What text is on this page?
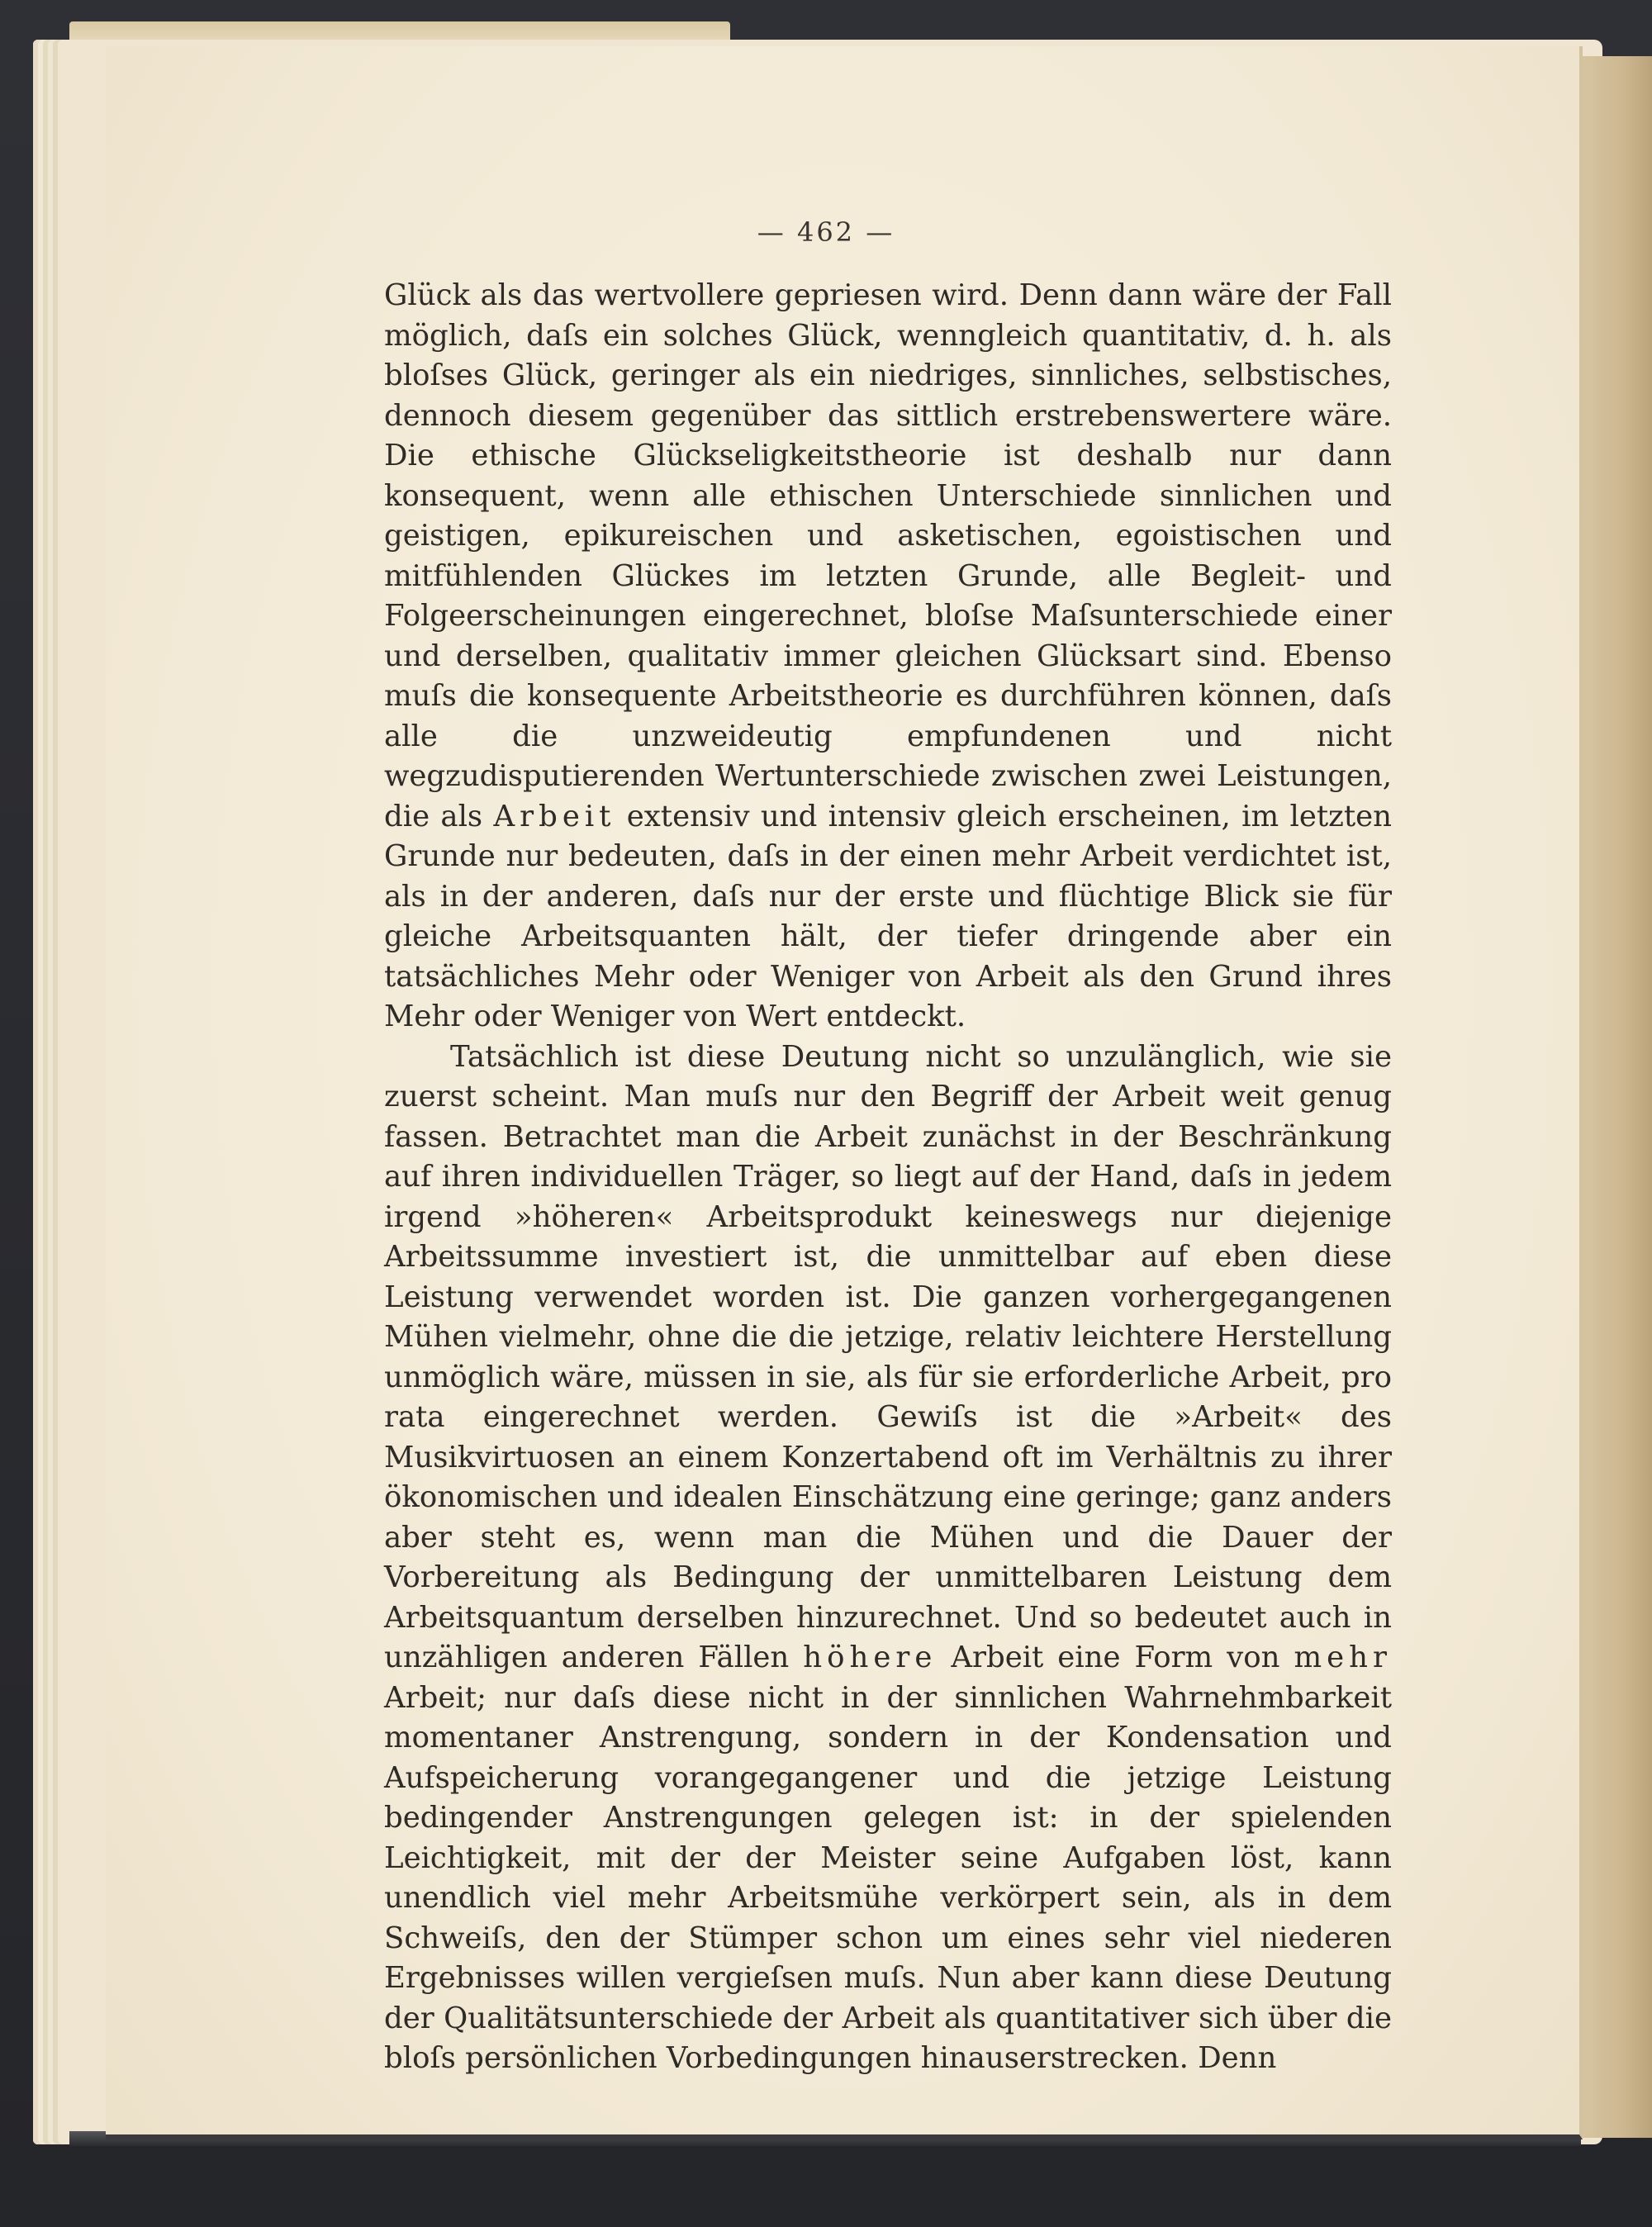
— 462 —

Glück als das wertvollere gepriesen wird. Denn dann wäre der Fall möglich, daſs ein solches Glück, wenngleich quantitativ, d. h. als bloſses Glück, geringer als ein niedriges, sinnliches, selbstisches, dennoch diesem gegenüber das sittlich erstrebenswertere wäre. Die ethische Glückseligkeitstheorie ist deshalb nur dann konsequent, wenn alle ethischen Unterschiede sinnlichen und geistigen, epikureischen und asketischen, egoistischen und mitfühlenden Glückes im letzten Grunde, alle Begleit- und Folgeerscheinungen eingerechnet, bloſse Maſsunterschiede einer und derselben, qualitativ immer gleichen Glücksart sind. Ebenso muſs die konsequente Arbeitstheorie es durchführen können, daſs alle die unzweideutig empfundenen und nicht wegzudisputierenden Wertunterschiede zwischen zwei Leistungen, die als Arbeit extensiv und intensiv gleich erscheinen, im letzten Grunde nur bedeuten, daſs in der einen mehr Arbeit verdichtet ist, als in der anderen, daſs nur der erste und flüchtige Blick sie für gleiche Arbeitsquanten hält, der tiefer dringende aber ein tatsächliches Mehr oder Weniger von Arbeit als den Grund ihres Mehr oder Weniger von Wert entdeckt.

Tatsächlich ist diese Deutung nicht so unzulänglich, wie sie zuerst scheint. Man muſs nur den Begriff der Arbeit weit genug fassen. Betrachtet man die Arbeit zunächst in der Beschränkung auf ihren individuellen Träger, so liegt auf der Hand, daſs in jedem irgend »höheren« Arbeitsprodukt keineswegs nur diejenige Arbeitssumme investiert ist, die unmittelbar auf eben diese Leistung verwendet worden ist. Die ganzen vorhergegangenen Mühen vielmehr, ohne die die jetzige, relativ leichtere Herstellung unmöglich wäre, müssen in sie, als für sie erforderliche Arbeit, pro rata eingerechnet werden. Gewiſs ist die »Arbeit« des Musikvirtuosen an einem Konzertabend oft im Verhältnis zu ihrer ökonomischen und idealen Einschätzung eine geringe; ganz anders aber steht es, wenn man die Mühen und die Dauer der Vorbereitung als Bedingung der unmittelbaren Leistung dem Arbeitsquantum derselben hinzurechnet. Und so bedeutet auch in unzähligen anderen Fällen höhere Arbeit eine Form von mehr Arbeit; nur daſs diese nicht in der sinnlichen Wahrnehmbarkeit momentaner Anstrengung, sondern in der Kondensation und Aufspeicherung vorangegangener und die jetzige Leistung bedingender Anstrengungen gelegen ist: in der spielenden Leichtigkeit, mit der der Meister seine Aufgaben löst, kann unendlich viel mehr Arbeitsmühe verkörpert sein, als in dem Schweiſs, den der Stümper schon um eines sehr viel niederen Ergebnisses willen vergieſsen muſs. Nun aber kann diese Deutung der Qualitätsunterschiede der Arbeit als quantitativer sich über die bloſs persönlichen Vorbedingungen hinauserstrecken. Denn
